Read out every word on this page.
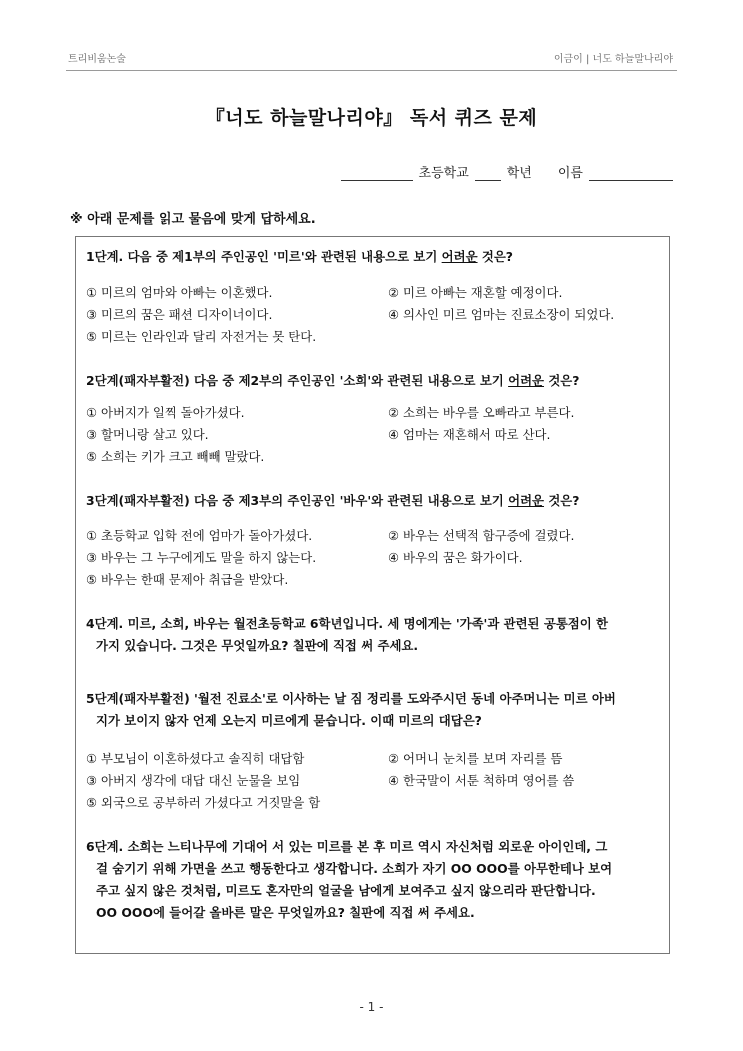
트리비움논술	이금이 | 너도 하늘말나리야
『너도 하늘말나리야』 독서 퀴즈 문제
초등학교	학년 이름
※ 아래 문제를 읽고 물음에 맞게 답하세요.
1단계. 다음 중 제1부의 주인공인 '미르'와 관련된 내용으로 보기 어려운 것은?
① 미르의 엄마와 아빠는 이혼했다.	② 미르 아빠는 재혼할 예정이다.
③ 미르의 꿈은 패션 디자이너이다.	④ 의사인 미르 엄마는 진료소장이 되었다.
⑤ 미르는 인라인과 달리 자전거는 못 탄다.
2단계(패자부활전) 다음 중 제2부의 주인공인 '소희'와 관련된 내용으로 보기 어려운 것은?
① 아버지가 일찍 돌아가셨다.	② 소희는 바우를 오빠라고 부른다.
③ 할머니랑 살고 있다.	④ 엄마는 재혼해서 따로 산다.
⑤ 소희는 키가 크고 빼빼 말랐다.
3단계(패자부활전) 다음 중 제3부의 주인공인 '바우'와 관련된 내용으로 보기 어려운 것은?
① 초등학교 입학 전에 엄마가 돌아가셨다.	② 바우는 선택적 함구증에 걸렸다.
③ 바우는 그 누구에게도 말을 하지 않는다.	④ 바우의 꿈은 화가이다.
⑤ 바우는 한때 문제아 취급을 받았다.
4단계. 미르, 소희, 바우는 월전초등학교 6학년입니다. 세 명에게는 '가족'과 관련된 공통점이 한
가지 있습니다. 그것은 무엇일까요? 칠판에 직접 써 주세요.
5단계(패자부활전) '월전 진료소'로 이사하는 날 짐 정리를 도와주시던 동네 아주머니는 미르 아버
지가 보이지 않자 언제 오는지 미르에게 묻습니다. 이때 미르의 대답은?
① 부모님이 이혼하셨다고 솔직히 대답함	② 어머니 눈치를 보며 자리를 뜸
③ 아버지 생각에 대답 대신 눈물을 보임	④ 한국말이 서툰 척하며 영어를 씀
⑤ 외국으로 공부하러 가셨다고 거짓말을 함
6단계. 소희는 느티나무에 기대어 서 있는 미르를 본 후 미르 역시 자신처럼 외로운 아이인데, 그
걸 숨기기 위해 가면을 쓰고 행동한다고 생각합니다. 소희가 자기 OO OOO를 아무한테나 보여
주고 싶지 않은 것처럼, 미르도 혼자만의 얼굴을 남에게 보여주고 싶지 않으리라 판단합니다.
OO OOO에 들어갈 올바른 말은 무엇일까요? 칠판에 직접 써 주세요.
- 1 -
